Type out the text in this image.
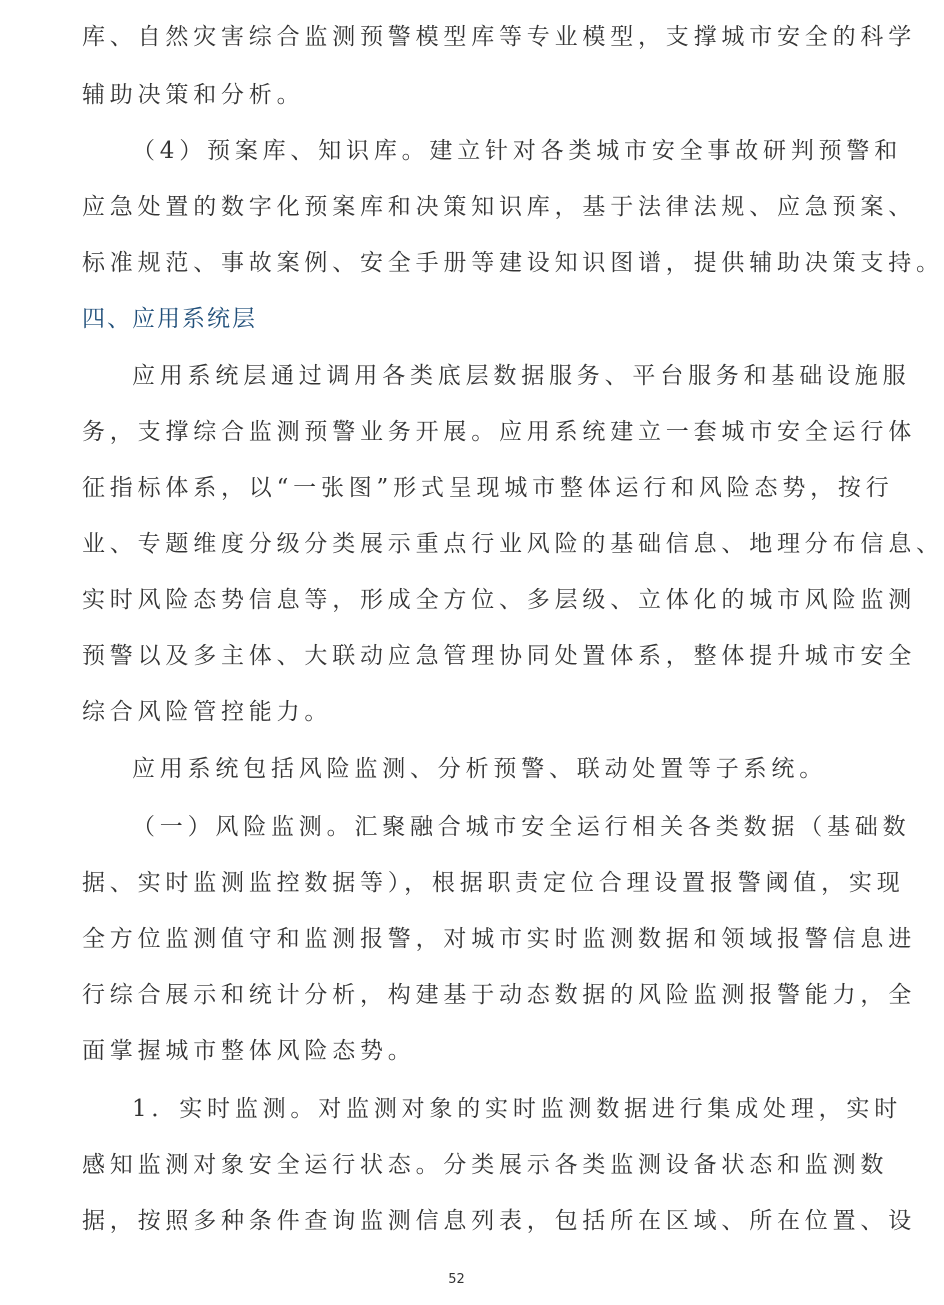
库、自然灾害综合监测预警模型库等专业模型，支撑城市安全的科学
辅助决策和分析。
（4）预案库、知识库。建立针对各类城市安全事故研判预警和
应急处置的数字化预案库和决策知识库，基于法律法规、应急预案、
标准规范、事故案例、安全手册等建设知识图谱，提供辅助决策支持。
四、应用系统层
应用系统层通过调用各类底层数据服务、平台服务和基础设施服
务，支撑综合监测预警业务开展。应用系统建立一套城市安全运行体
征指标体系，以“一张图”形式呈现城市整体运行和风险态势，按行
业、专题维度分级分类展示重点行业风险的基础信息、地理分布信息、
实时风险态势信息等，形成全方位、多层级、立体化的城市风险监测
预警以及多主体、大联动应急管理协同处置体系，整体提升城市安全
综合风险管控能力。
应用系统包括风险监测、分析预警、联动处置等子系统。
（一）风险监测。汇聚融合城市安全运行相关各类数据（基础数
据、实时监测监控数据等），根据职责定位合理设置报警阈值，实现
全方位监测值守和监测报警，对城市实时监测数据和领域报警信息进
行综合展示和统计分析，构建基于动态数据的风险监测报警能力，全
面掌握城市整体风险态势。
1．实时监测。对监测对象的实时监测数据进行集成处理，实时
感知监测对象安全运行状态。分类展示各类监测设备状态和监测数
据，按照多种条件查询监测信息列表，包括所在区域、所在位置、设
52
